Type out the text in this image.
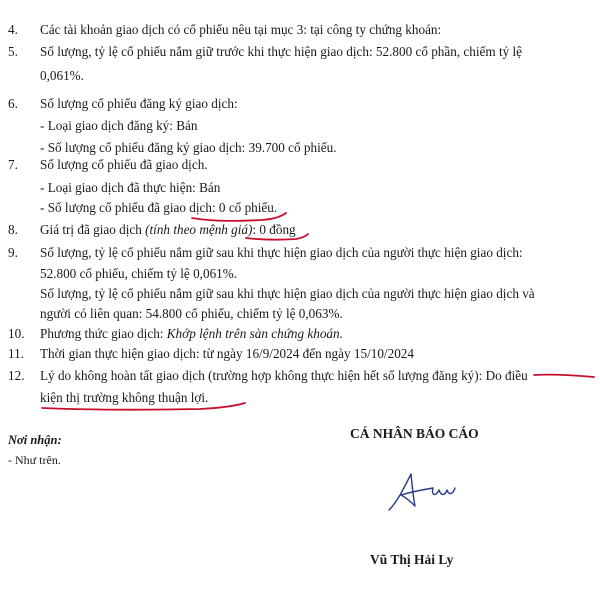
4. Các tài khoản giao dịch có cổ phiếu nêu tại mục 3: tại công ty chứng khoán:
5. Số lượng, tỷ lệ cổ phiếu nắm giữ trước khi thực hiện giao dịch: 52.800 cổ phần, chiếm tỷ lệ
0,061%.
6. Số lượng cổ phiếu đăng ký giao dịch:
- Loại giao dịch đăng ký: Bán
- Số lượng cổ phiếu đăng ký giao dịch: 39.700 cổ phiếu.
7. Số lượng cổ phiếu đã giao dịch.
- Loại giao dịch đã thực hiện: Bán
- Số lượng cổ phiếu đã giao dịch: 0 cổ phiếu.
8. Giá trị đã giao dịch (tính theo mệnh giá): 0 đồng
9. Số lượng, tỷ lệ cổ phiếu nắm giữ sau khi thực hiện giao dịch của người thực hiện giao dịch:
52.800 cổ phiếu, chiếm tỷ lệ 0,061%.
Số lượng, tỷ lệ cổ phiếu nắm giữ sau khi thực hiện giao dịch của người thực hiện giao dịch và
người có liên quan: 54.800 cổ phiếu, chiếm tỷ lệ 0,063%.
10. Phương thức giao dịch: Khớp lệnh trên sàn chứng khoán.
11. Thời gian thực hiện giao dịch: từ ngày 16/9/2024 đến ngày 15/10/2024
12. Lý do không hoàn tất giao dịch (trường hợp không thực hiện hết số lượng đăng ký): Do điều
kiện thị trường không thuận lợi.
Nơi nhận:
- Như trên.
CÁ NHÂN BÁO CÁO
Vũ Thị Hải Ly
